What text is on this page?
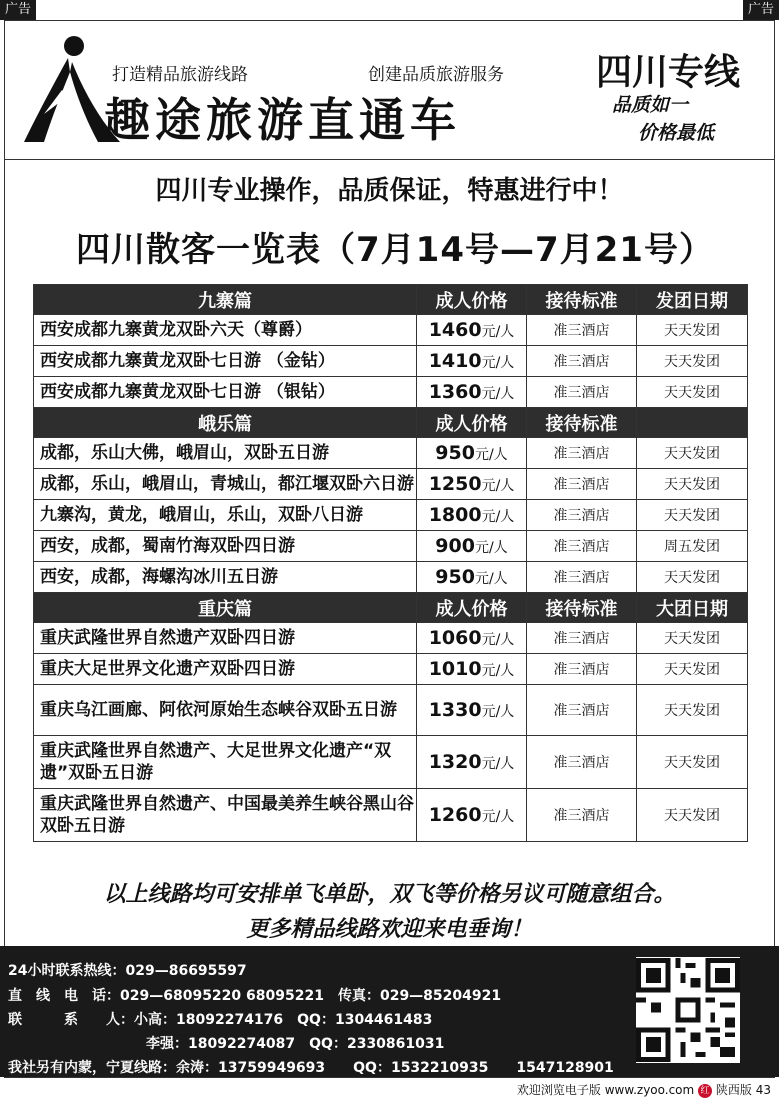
广告	广告
打造精品旅游线路	创建品质旅游服务
趣途旅游直通车
四川专线
品质如一
价格最低
四川专业操作，品质保证，特惠进行中！
四川散客一览表（7月14号—7月21号）
九寨篇	成人价格	接待标准	发团日期
西安成都九寨黄龙双卧六天（尊爵）	1460元/人	准三酒店	天天发团
西安成都九寨黄龙双卧七日游 （金钻）	1410元/人	准三酒店	天天发团
西安成都九寨黄龙双卧七日游 （银钻）	1360元/人	准三酒店	天天发团
峨乐篇	成人价格	接待标准	
成都，乐山大佛，峨眉山，双卧五日游	950元/人	准三酒店	天天发团
成都，乐山，峨眉山，青城山，都江堰双卧六日游	1250元/人	准三酒店	天天发团
九寨沟，黄龙，峨眉山，乐山，双卧八日游	1800元/人	准三酒店	天天发团
西安，成都，蜀南竹海双卧四日游	900元/人	准三酒店	周五发团
西安，成都，海螺沟冰川五日游	950元/人	准三酒店	天天发团
重庆篇	成人价格	接待标准	大团日期
重庆武隆世界自然遗产双卧四日游	1060元/人	准三酒店	天天发团
重庆大足世界文化遗产双卧四日游	1010元/人	准三酒店	天天发团
重庆乌江画廊、阿依河原始生态峡谷双卧五日游	1330元/人	准三酒店	天天发团
重庆武隆世界自然遗产、大足世界文化遗产“双遗”双卧五日游	1320元/人	准三酒店	天天发团
重庆武隆世界自然遗产、中国最美养生峡谷黑山谷双卧五日游	1260元/人	准三酒店	天天发团
以上线路均可安排单飞单卧，双飞等价格另议可随意组合。
更多精品线路欢迎来电垂询！
24小时联系热线：029—86695597
直　线　电　话：029—68095220 68095221　传真：029—85204921
联　　　系　　人：小高：18092274176　QQ：1304461483
李强：18092274087　QQ：2330861031
我社另有内蒙，宁夏线路：余涛：13759949693　　QQ：1532210935　　1547128901
欢迎浏览电子版 www.zyoo.com 红 陕西版 43
